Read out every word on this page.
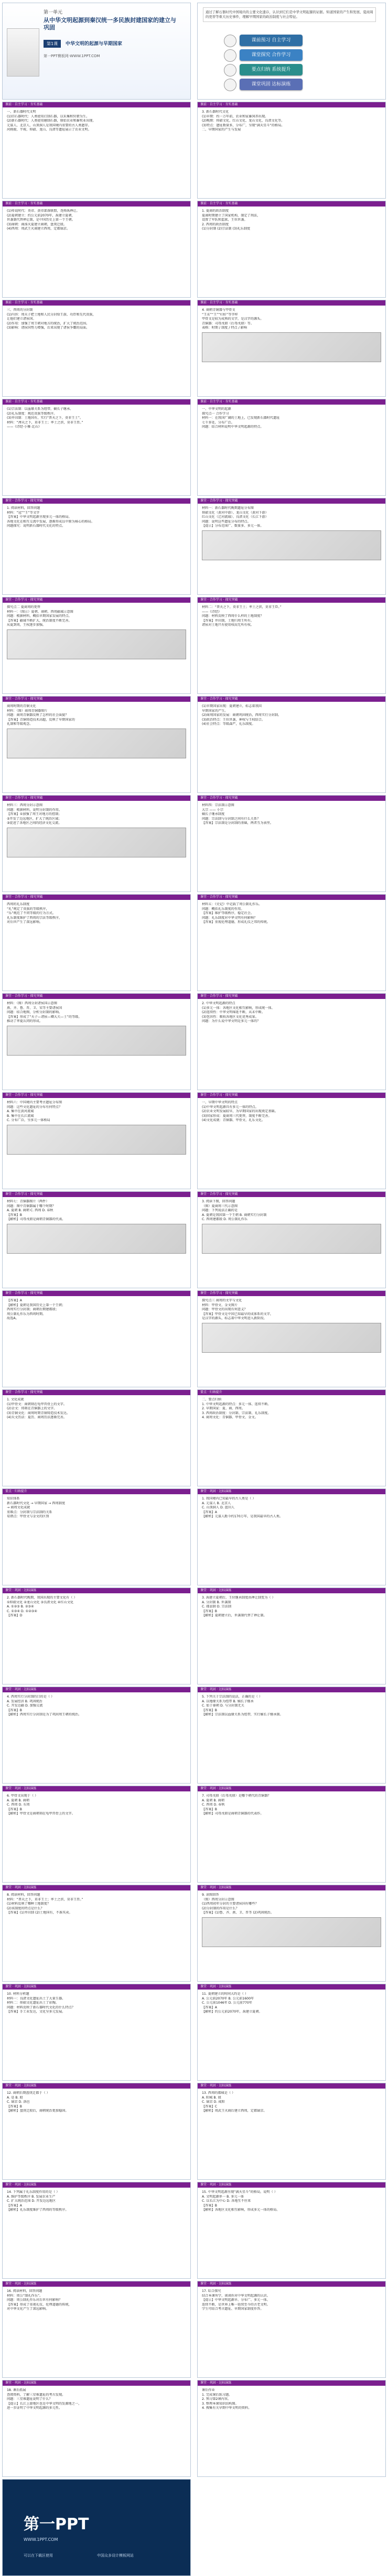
第一单元
从中华文明起源到秦汉统一多民族封建国家的建立与巩固
第1课	中华文明的起源与早期国家
第一PPT模板网-WWW.1PPT.COM
通过了解石器时代中国境内的主要文化遗存，认识到它们是中华文明起源的证据。知道国家的产生和发展、夏商周的更替等重大历史事件，理解早期国家的政治制度与社会特征。
课前预习 自主学习
课堂探究 合作学习
要点归纳 系统提升
课堂巩固 达标演练
课前 · 自主学习 · 夯实基础
一、新石器时代文明
(1)旧石器时代：人类使用打制石器，以采集和狩猎为生。
(2)新石器时代：人类使用磨制石器，原始农业和畜牧业出现。
元谋人、北京人、山顶洞人是我国境内重要的古人类遗存。
河姆渡、半坡、仰韶、龙山、良渚等遗址展示了农业文明。
课前 · 自主学习 · 夯实基础
3. 新石器时代文化
(1)早期：约一万年前，农业和家畜饲养出现。
(2)晚期：仰韶文化、红山文化、龙山文化、良渚文化等。
(3)特点：遗址数量多，分布广，呈现“满天星斗”的格局。
二、早期国家的产生与发展
课前 · 自主学习 · 夯实基础
(1)传说时代：炎帝、黄帝部落联盟，尧舜禹禅让。
(2)夏朝建立：约公元前2070年，禹建立夏朝，
世袭制代替禅让制，是中国历史上第一个王朝。
(3)商朝：商汤灭夏建立商朝，盘庚迁殷。
(4)西周：周武王灭商建立西周，定都镐京。
课前 · 自主学习 · 夯实基础
1. 夏商的政治制度
夏商时期建立了国家机构，制定了刑法，
设置了军队和监狱，王位世袭。
2. 西周的政治制度
(1)分封制 (2)宗法制 (3)礼乐制度
课前 · 自主学习 · 夯实基础
三、西周的分封制
(1)内容：周天子把土地和人民分封给王族、功臣和先代贵族，
让他们建立诸侯国。
(2)作用：加强了周王朝对地方的统治，扩大了统治范围。
(3)影响：诸侯国势力增强，后来出现了诸侯争霸的局面。
课前 · 自主学习 · 夯实基础
4. 商朝青铜器与甲骨文
“王亥”“王”“妇好”等字样
甲骨文是较为成熟的文字，是汉字的源头。
青铜器：司母戊鼎（后母戊鼎）等。
表格：时期 / 制度 / 特点 / 影响
课前 · 自主学习 · 夯实基础
(1)宗法制：以血缘关系为纽带，嫡长子继承。
(2)礼乐制度：规范贵族等级秩序。
(3)井田制：土地国有，实行“普天之下，莫非王土”。
材料：“溥天之下，莫非王土；率土之滨，莫非王臣。”
——《诗经·小雅·北山》
课前 · 自主学习 · 夯实基础
一、中华文明的起源
探究点一 合作学习
材料一：在我国广阔的土地上，已发现新石器时代遗址
七千多处，分布广泛。
问题：结合材料说明中华文明起源的特点。
课堂 · 合作学习 · 探究突破
1. 阅读材料，回答问题
材料：“冠”“王”等文字
【答案】中华文明起源呈现多元一体的格局。
各地文化在相互交流中发展，逐渐形成以中原为核心的格局。
问题探究：说明新石器时代文化的特点。
课堂 · 合作学习 · 探究突破
材料一：新石器时代晚期遗址分布图
仰韶文化（黄河中游）、龙山文化（黄河下游）
红山文化（辽河流域）、良渚文化（长江下游）
问题：说明这些遗址分布的特点。
【提示】分布范围广、数量多、多元一体。
课堂 · 合作学习 · 探究突破
探究点二 夏商周的更替
材料一：（图示）夏朝、商朝、西周疆域示意图
问题：根据材料，概括早期国家发展的特点。
【答案】疆域不断扩大，统治制度不断完善。
从夏到周，王权逐步加强。
课堂 · 合作学习 · 探究突破
材料二：“普天之下，莫非王土；率土之滨，莫非王臣。”
——《诗经》
问题：材料反映了西周什么样的土地制度？
【答案】井田制，土地归周王所有。
诸侯对土地只有使用权而无所有权。
课堂 · 合作学习 · 探究突破
商周时期的青铜文化
材料：（图）商周青铜器图片
问题：商周青铜器反映了怎样的社会面貌？
【答案】青铜铸造技术高超，反映了早期国家的
礼制和等级观念。
课堂 · 合作学习 · 探究突破
(1)早期国家出现：夏朝建立，标志着我国
早期国家的产生。
(2)商周国家的发展：商朝巩固统治，西周实行分封制。
(3)政治特点：王位世袭，神权与王权结合。
(4)社会特点：等级森严，礼乐制度。
课堂 · 合作学习 · 探究突破
材料三：西周分封示意图
问题：根据材料，说明分封制的作用。
【答案】①加强了周王对地方的控制；
②开发了边远地区，扩大了统治区域；
③促进了各地区之间的经济文化交流。
课堂 · 合作学习 · 探究突破
材料四：宗法制示意图
大宗 —— 小宗
嫡长子继承制度
问题：宗法制与分封制之间有什么关系？
【答案】宗法制是分封制的基础，两者互为表里。
课堂 · 合作学习 · 探究突破
西周的礼乐制度
“礼”规定了贵族的等级秩序，
“乐”规范了不同等级的行为方式。
礼乐制度维护了西周的宗法等级秩序，
对后世产生了深远影响。
课堂 · 合作学习 · 探究突破
材料五：《史记》中记载了周公制礼作乐。
问题：概括礼乐制度的作用。
【答案】维护等级秩序，稳定社会。
问题：礼乐制度对中华文明有何影响？
【答案】重视伦理道德，形成礼仪之邦的传统。
课堂 · 合作学习 · 探究突破
材料：（图）西周分封诸侯国示意图
燕、齐、鲁、晋、卫、宋等主要诸侯国
问题：结合地图，分析分封制的影响。
【答案】形成了“天子—诸侯—卿大夫—士”的等级。
推动了华夏认同的形成。
课堂 · 合作学习 · 探究突破
2. 中华文明起源的特点
(1)多元一体：各地区文化相互影响，形成统一体。
(2)连续性：中华文明绵延不断，从未中断。
(3)包容性：吸收各地区文化优秀成果。
问题：为什么说中华文明是多元一体的？
课堂 · 合作学习 · 探究突破
材料六：中国境内主要考古遗址分布图
问题：这些文化遗址的分布有何特点？
A. 集中在黄河流域
B. 集中在长江流域
C. 分布广泛，呈多元一体格局
课堂 · 合作学习 · 探究突破
一、早期中华文明的特点
(1)中华文明起源具有多元一体的特点。
(2)农业文明发展较早，为早期国家的出现奠定基础。
(3)国家形成：夏商周三代更替，制度不断完善。
(4)文化成就：青铜器、甲骨文、礼乐文化。
课堂 · 合作学习 · 探究突破
材料七：青铜器图片（两件）
问题：图中青铜器属于哪个时期？
A. 夏朝 B. 商朝 C. 西周 D. 春秋
【答案】B
【解析】司母戊鼎是商朝青铜器的代表。
课堂 · 合作学习 · 探究突破
3. 阅读下图，回答问题
（图）夏商周三代示意图
问题：下列说法正确的是
A. 夏朝是我国第一个王朝 B. 商朝实行分封制
C. 西周建都殷 D. 周公制礼作乐
课堂 · 合作学习 · 探究突破
【答案】A
【解析】夏朝是我国历史上第一个王朝；
西周实行分封制；商朝后期建都殷；
周公制礼作乐为西周时期。
故选A。
课堂 · 合作学习 · 探究突破
探究点三 商周的文字与文化
材料：甲骨文、金文图片
问题：甲骨文的出现有何意义？
【答案】甲骨文是中国已知最早的成体系的文字，
是汉字的源头，标志着中华文明进入新阶段。
课堂 · 合作学习 · 探究突破
1. 文化成就
(1)甲骨文：商朝刻在龟甲兽骨上的文字。
(2)金文：铸刻在青铜器上的文字。
(3)青铜文化：商周时期青铜铸造技术发达。
(4)天文历法：夏历、商周历法逐渐完善。
要点 · 归纳提升
二、要点归纳
1. 中华文明起源的特点：多元一体、连续不断。
2. 早期国家：夏、商、西周。
3. 西周政治制度：分封制、宗法制、礼乐制度。
4. 商周文化：青铜器、甲骨文、金文。
要点 · 归纳提升
知识体系
新石器时代文化 → 早期国家 → 西周制度
→ 商周文化成就
重难点：分封制与宗法制的关系
易错点：甲骨文与金文的区别
课堂 · 巩固 · 达标演练
1. 我国境内已知最早的古人类是（ ）
A. 元谋人 B. 北京人
C. 山顶洞人 D. 蓝田人
【答案】A
【解析】元谋人距今约170万年，是我国最早的古人类。
课堂 · 巩固 · 达标演练
2. 新石器时代晚期，我国出现的主要文化有（ ）
①仰韶文化 ②龙山文化 ③良渚文化 ④红山文化
A. ①②③ B. ②③④
C. ①③④ D. ①②③④
【答案】D
课堂 · 巩固 · 达标演练
3. 禹建立夏朝后，王位继承制度由禅让制变为（ ）
A. 分封制 B. 世袭制
C. 郡县制 D. 宗法制
【答案】B
【解析】夏朝建立后，世袭制代替了禅让制。
课堂 · 巩固 · 达标演练
4. 西周实行分封制的目的是（ ）
A. 发展经济 B. 巩固统治
C. 开发边疆 D. 加强交流
【答案】B
【解析】西周实行分封制是为了巩固周王朝的统治。
课堂 · 巩固 · 达标演练
5. 下列关于宗法制的说法，正确的是（ ）
A. 以地缘关系为纽带 B. 嫡长子继承
C. 始于秦朝 D. 与分封制无关
【答案】B
【解析】宗法制以血缘关系为纽带，实行嫡长子继承制。
课堂 · 巩固 · 达标演练
6. 甲骨文出现于（ ）
A. 夏朝 B. 商朝
C. 西周 D. 东周
【答案】B
【解析】甲骨文是商朝刻在龟甲兽骨上的文字。
课堂 · 巩固 · 达标演练
7. 司母戊鼎（后母戊鼎）是哪个朝代的青铜器？
A. 夏朝 B. 商朝
C. 西周 D. 春秋
【答案】B
【解析】司母戊鼎是商朝青铜器的代表作。
课堂 · 巩固 · 达标演练
8. 阅读材料，回答问题
材料：“普天之下，莫非王土；率土之滨，莫非王臣。”
(1)材料反映了哪种土地制度？
(2)该制度的特点是什么？
【答案】(1)井田制 (2)土地国有，不准买卖。
课堂 · 巩固 · 达标演练
9. 读图回答
（图）西周分封示意图
(1)西周初年分封的主要诸侯国有哪些？
(2)分封制的作用是什么？
【答案】(1)鲁、齐、燕、卫、晋等 (2)巩固统治。
课堂 · 巩固 · 达标演练
10. 材料分析题
材料一：良渚文化遗址出土了大量玉器。
材料二：仰韶文化遗址出土了彩陶。
问题：材料反映了新石器时代文化的什么特点？
【答案】手工业发达，文化呈多元发展。
课堂 · 巩固 · 达标演练
11. 夏朝建立的时间大约是（ ）
A. 公元前2070年 B. 公元前1600年
C. 公元前1046年 D. 公元前770年
【答案】A
【解析】约公元前2070年，禹建立夏朝。
课堂 · 巩固 · 达标演练
12. 商朝后期盘庚迁都于（ ）
A. 亳 B. 殷
C. 镐京 D. 洛邑
【答案】B
【解析】盘庚迁殷后，商朝统治更加稳固。
课堂 · 巩固 · 达标演练
13. 西周的都城是（ ）
A. 阳城 B. 殷
C. 镐京 D. 咸阳
【答案】C
【解析】周武王灭商后建立西周，定都镐京。
课堂 · 巩固 · 达标演练
14. 下列属于礼乐制度作用的是（ ）
A. 维护等级秩序 B. 发展农业生产
C. 扩大统治范围 D. 开发边远地区
【答案】A
【解析】礼乐制度维护了西周的等级秩序。
课堂 · 巩固 · 达标演练
15. 中华文明起源呈现“满天星斗”的格局，说明（ ）
A. 文明起源单一 B. 多元一体
C. 以长江为中心 D. 各地互不往来
【答案】B
【解析】各地区文化相互影响，形成多元一体的格局。
课堂 · 巩固 · 达标演练
16. 阅读材料，回答问题
材料：周公“制礼作乐”。
问题：周公制礼作乐对后世有何影响？
【答案】形成了重视礼仪、伦理道德的传统，
对中华文化产生了深远影响。
课堂 · 巩固 · 达标演练
17. 综合探究
结合本课所学，谈谈你对中华文明起源的认识。
【提示】中华文明起源早、分布广、多元一体、
连续不断，是世界上唯一延续至今的古老文明。
学生可结合考古遗址、早期国家制度作答。
课堂 · 巩固 · 达标演练
18. 课后拓展
查阅资料，了解三星堆遗址的考古发现。
问题：三星堆遗址说明了什么？
【提示】长江上游地区也是中华文明的发源地之一，
进一步证明了中华文明起源的多元性。
课堂 · 巩固 · 达标演练
课后作业
1. 完成课后练习题。
2. 预习第2课内容。
3. 整理本课知识结构图。
4. 搜集有关早期中华文明的资料。
第一PPT
WWW.1PPT.COM
可以在下载区使用	中国众多设计模板网站
